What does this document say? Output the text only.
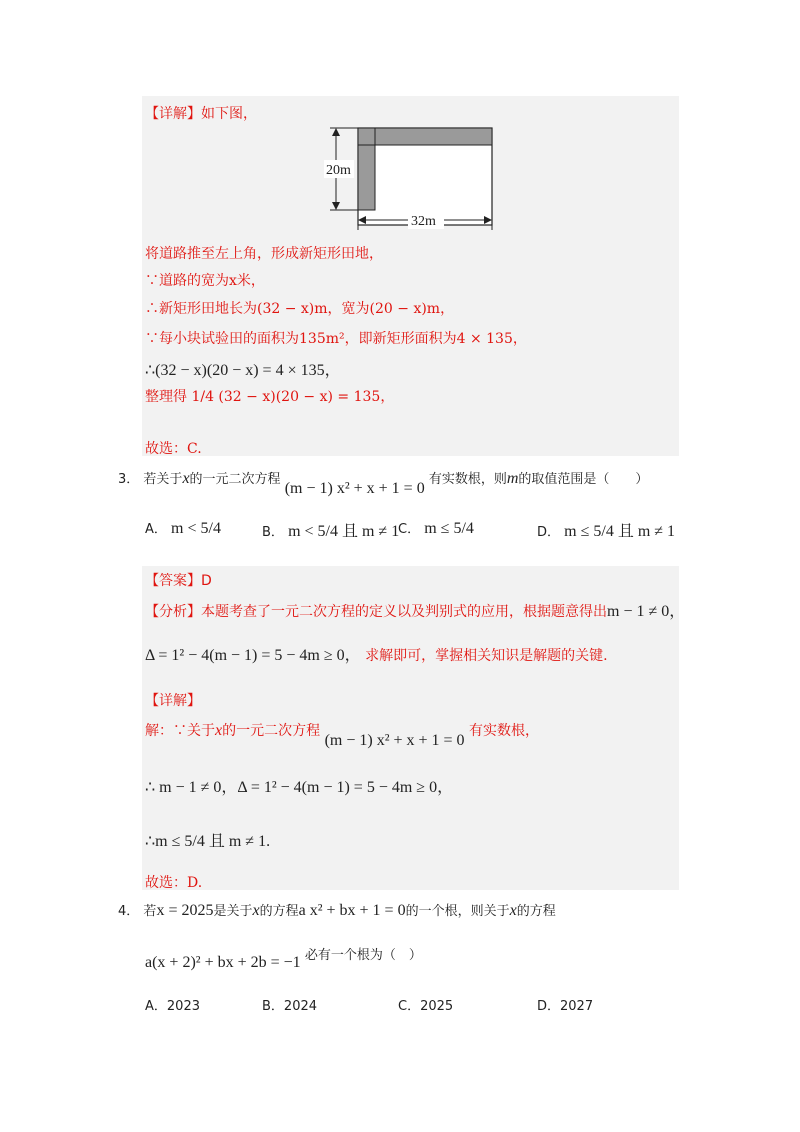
【详解】如下图，
20m
32m
将道路推至左上角，形成新矩形田地，
∵道路的宽为x米，
∴新矩形田地长为(32 − x)m，宽为(20 − x)m，
∵每小块试验田的面积为135m²，即新矩形面积为4 × 135，
∴(32 − x)(20 − x) = 4 × 135，
整理得 1/4 (32 − x)(20 − x) = 135，
故选：C.
3． 若关于x的一元二次方程 (m − 1) x² + x + 1 = 0 有实数根，则m的取值范围是（　　）
A． m < 5/4	B． m < 5/4 且 m ≠ 1
C． m ≤ 5/4	D． m ≤ 5/4 且 m ≠ 1
【答案】D
【分析】本题考查了一元二次方程的定义以及判别式的应用，根据题意得出m − 1 ≠ 0，
Δ = 1² − 4(m − 1) = 5 − 4m ≥ 0， 求解即可，掌握相关知识是解题的关键.
【详解】
解：∵关于x的一元二次方程 (m − 1) x² + x + 1 = 0 有实数根，
∴ m − 1 ≠ 0，Δ = 1² − 4(m − 1) = 5 − 4m ≥ 0，
∴m ≤ 5/4 且 m ≠ 1.
故选：D.
4． 若x = 2025是关于x的方程a x² + bx + 1 = 0的一个根，则关于x的方程
a(x + 2)² + bx + 2b = −1 必有一个根为（　）
A．2023	B．2024	C．2025	D．2027
